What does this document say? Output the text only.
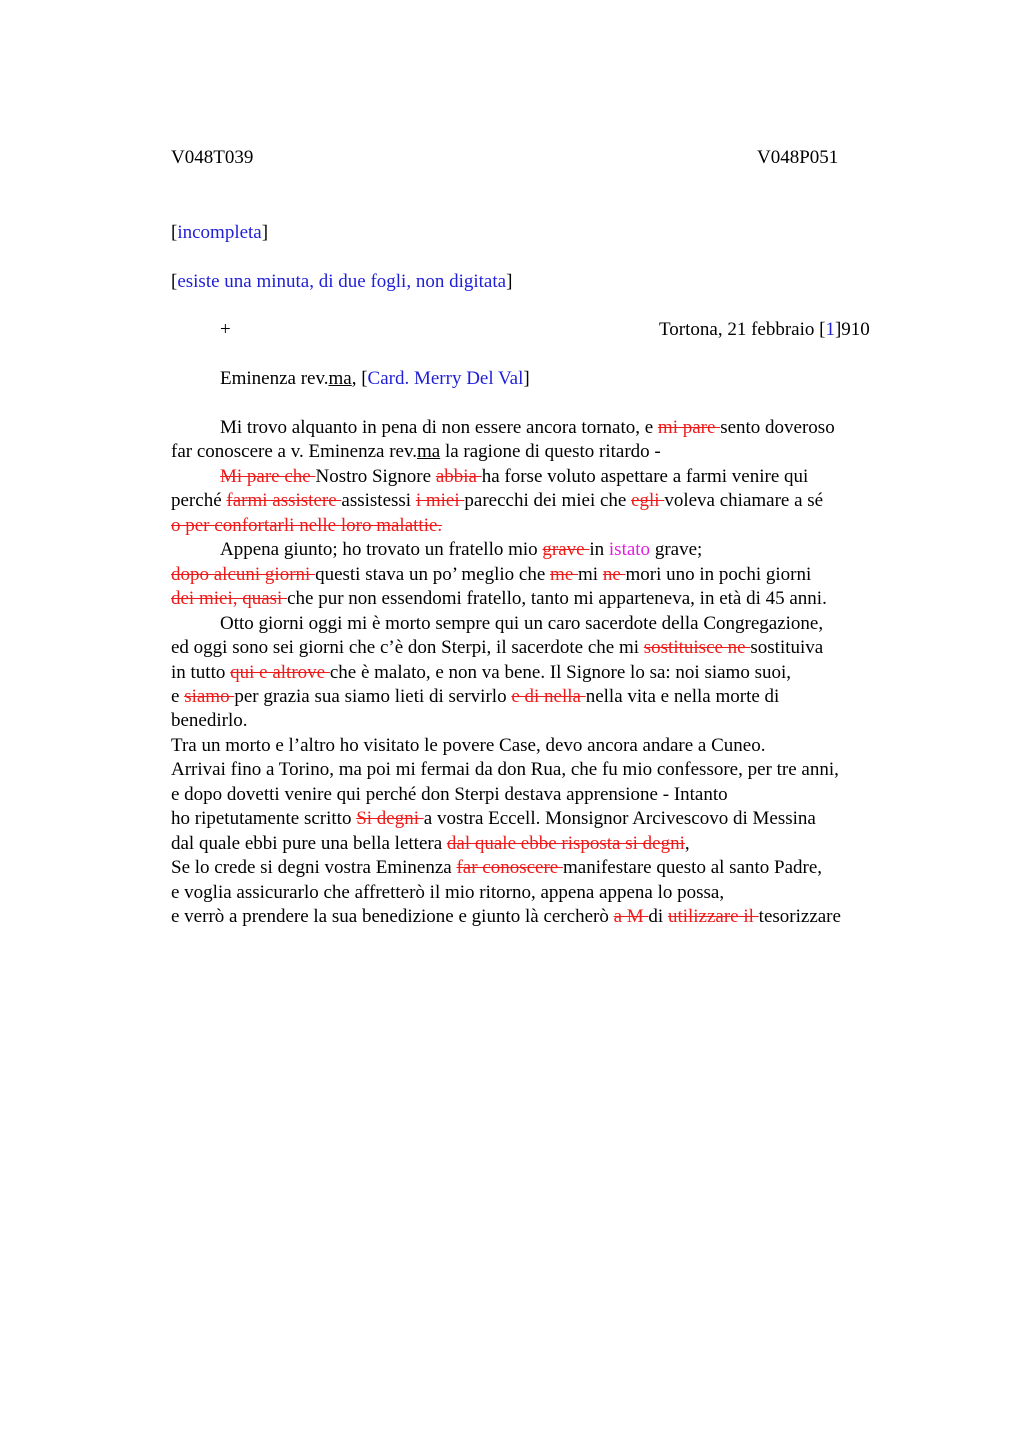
V048T039	V048P051
[incompleta]
[esiste una minuta, di due fogli, non digitata]
+	Tortona, 21 febbraio [1]910
Eminenza rev.ma, [Card. Merry Del Val]
Mi trovo alquanto in pena di non essere ancora tornato, e mi pare sento doveroso
far conoscere a v. Eminenza rev.ma la ragione di questo ritardo -
Mi pare che Nostro Signore abbia ha forse voluto aspettare a farmi venire qui
perché farmi assistere assistessi i miei parecchi dei miei che egli voleva chiamare a sé
o per confortarli nelle loro malattie.
Appena giunto; ho trovato un fratello mio grave in istato grave;
dopo alcuni giorni questi stava un po’ meglio che me mi ne mori uno in pochi giorni
dei miei, quasi che pur non essendomi fratello, tanto mi apparteneva, in età di 45 anni.
Otto giorni oggi mi è morto sempre qui un caro sacerdote della Congregazione,
ed oggi sono sei giorni che c’è don Sterpi, il sacerdote che mi sostituisce ne sostituiva
in tutto qui e altrove che è malato, e non va bene. Il Signore lo sa: noi siamo suoi,
e siamo per grazia sua siamo lieti di servirlo e di nella nella vita e nella morte di
benedirlo.
Tra un morto e l’altro ho visitato le povere Case, devo ancora andare a Cuneo.
Arrivai fino a Torino, ma poi mi fermai da don Rua, che fu mio confessore, per tre anni,
e dopo dovetti venire qui perché don Sterpi destava apprensione - Intanto
ho ripetutamente scritto Si degni a vostra Eccell. Monsignor Arcivescovo di Messina
dal quale ebbi pure una bella lettera dal quale ebbe risposta si degni,
Se lo crede si degni vostra Eminenza far conoscere manifestare questo al santo Padre,
e voglia assicurarlo che affretterò il mio ritorno, appena appena lo possa,
e verrò a prendere la sua benedizione e giunto là cercherò a M di utilizzare il tesorizzare
